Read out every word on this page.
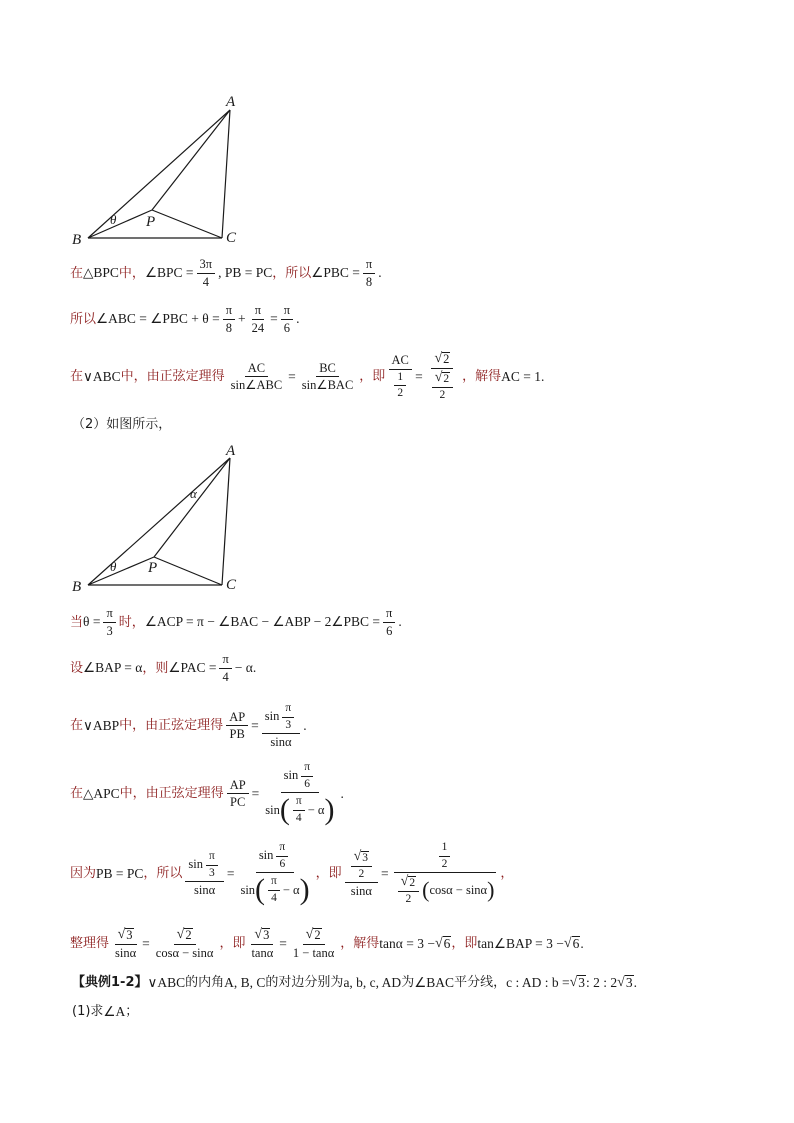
A
B	C
P
θ
在 △BPC 中， ∠BPC = $\frac{3\pi}{4}$ , PB = PC ，所以 ∠PBC = $\frac{\pi}{8}$ .
所以 ∠ABC = ∠PBC + $\theta = \frac{\pi}{8} + \frac{\pi}{24} = \frac{\pi}{6}$ .
在 ∨ABC 中，由正弦定理得 $\frac{AC}{\text{sin∠ABC}} = \frac{BC}{\text{sin∠BAC}}$ ，即 $\frac{AC}{\frac{1}{2}} = \frac{√ 2}{\frac{√ 2}{2}}$ ，解得 AC = 1 .
（2）如图所示，
A
B	C
P
θ
α
当 $\theta = \frac{\pi}{3}$ 时， ∠ACP = π − ∠BAC − ∠ABP − 2∠PBC = $\frac{\pi}{6}$ .
设 ∠BAP = α ，则 ∠PAC = $\frac{\pi}{4} - \alpha$ .
在 ∨ABP 中，由正弦定理得 $\frac{AP}{PB} = \frac{\sin \frac{\pi}{3}}{\sin\alpha}$ .
在 △APC 中，由正弦定理得 $\frac{AP}{PC} = \frac{\sin \frac{\pi}{6}}{\sin ( \frac{\pi}{4} - \alpha )}$ .
因为 PB = PC ，所以 $\frac{\sin \frac{\pi}{3}}{\sin\alpha} = \frac{\sin \frac{\pi}{6}}{\sin ( \frac{\pi}{4} - \alpha )}$ ，即 $\frac{\frac{√ 3}{2}}{\sin\alpha} = \frac{\frac{1}{2}}{\frac{√ 2}{2} ( \cos\alpha - \sin\alpha )}$ ，
整理得 $\frac{√ 3}{\sin\alpha} = \frac{√ 2}{\cos\alpha - \sin\alpha}$ ，即 $\frac{√ 3}{\tan\alpha} = \frac{√ 2}{1 - \tan\alpha}$ ，解得 tanα = 3 − √ 6 ，即 tan∠BAP = 3 − √ 6 .
【典例1-2】 ∨ABC 的内角 A, B, C 的对边分别为 a, b, c, AD 为 ∠BAC 平分线， c : AD : b = √ 3 : 2 : 2 √ 3 .
(1)求 ∠A ；
